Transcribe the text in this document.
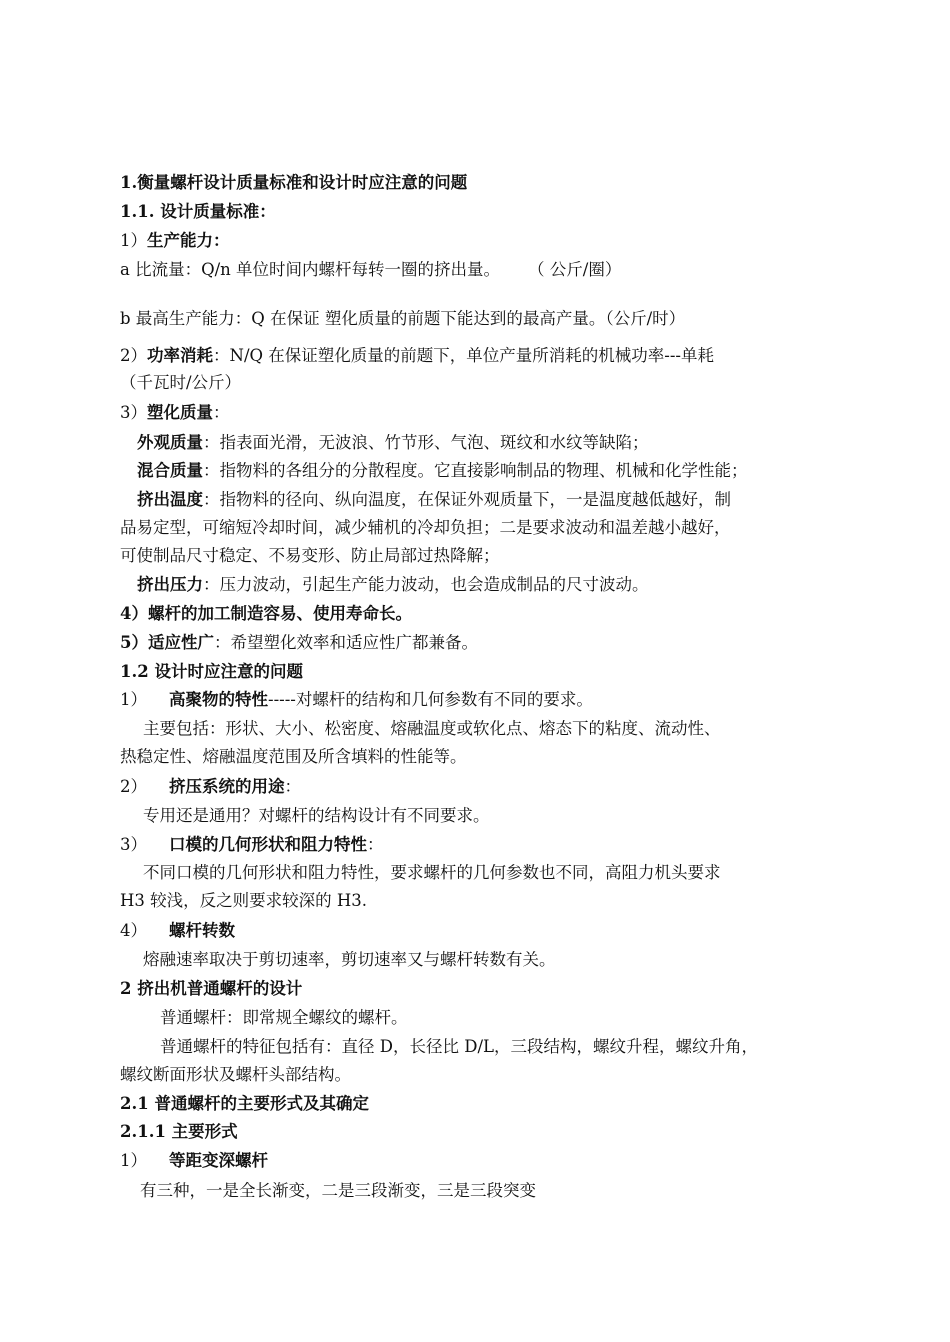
1.衡量螺杆设计质量标准和设计时应注意的问题
1.1. 设计质量标准：
1）生产能力：
a 比流量：Q/n 单位时间内螺杆每转一圈的挤出量。 （ 公斤/圈）
b 最高生产能力：Q 在保证 塑化质量的前题下能达到的最高产量。（公斤/时）
2）功率消耗：N/Q 在保证塑化质量的前题下，单位产量所消耗的机械功率---单耗
（千瓦时/公斤）
3）塑化质量：
外观质量：指表面光滑，无波浪、竹节形、气泡、斑纹和水纹等缺陷；
混合质量：指物料的各组分的分散程度。它直接影响制品的物理、机械和化学性能；
挤出温度：指物料的径向、纵向温度，在保证外观质量下，一是温度越低越好，制
品易定型，可缩短冷却时间，减少辅机的冷却负担；二是要求波动和温差越小越好，
可使制品尺寸稳定、不易变形、防止局部过热降解；
挤出压力：压力波动，引起生产能力波动，也会造成制品的尺寸波动。
4）螺杆的加工制造容易、使用寿命长。
5）适应性广：希望塑化效率和适应性广都兼备。
1.2 设计时应注意的问题
1） 高聚物的特性-----对螺杆的结构和几何参数有不同的要求。
主要包括：形状、大小、松密度、熔融温度或软化点、熔态下的粘度、流动性、
热稳定性、熔融温度范围及所含填料的性能等。
2） 挤压系统的用途：
专用还是通用？对螺杆的结构设计有不同要求。
3） 口模的几何形状和阻力特性：
不同口模的几何形状和阻力特性，要求螺杆的几何参数也不同，高阻力机头要求
H3 较浅，反之则要求较深的 H3.
4） 螺杆转数
熔融速率取决于剪切速率，剪切速率又与螺杆转数有关。
2 挤出机普通螺杆的设计
普通螺杆：即常规全螺纹的螺杆。
普通螺杆的特征包括有：直径 D，长径比 D/L，三段结构，螺纹升程，螺纹升角，
螺纹断面形状及螺杆头部结构。
2.1 普通螺杆的主要形式及其确定
2.1.1 主要形式
1） 等距变深螺杆
有三种，一是全长渐变，二是三段渐变，三是三段突变
